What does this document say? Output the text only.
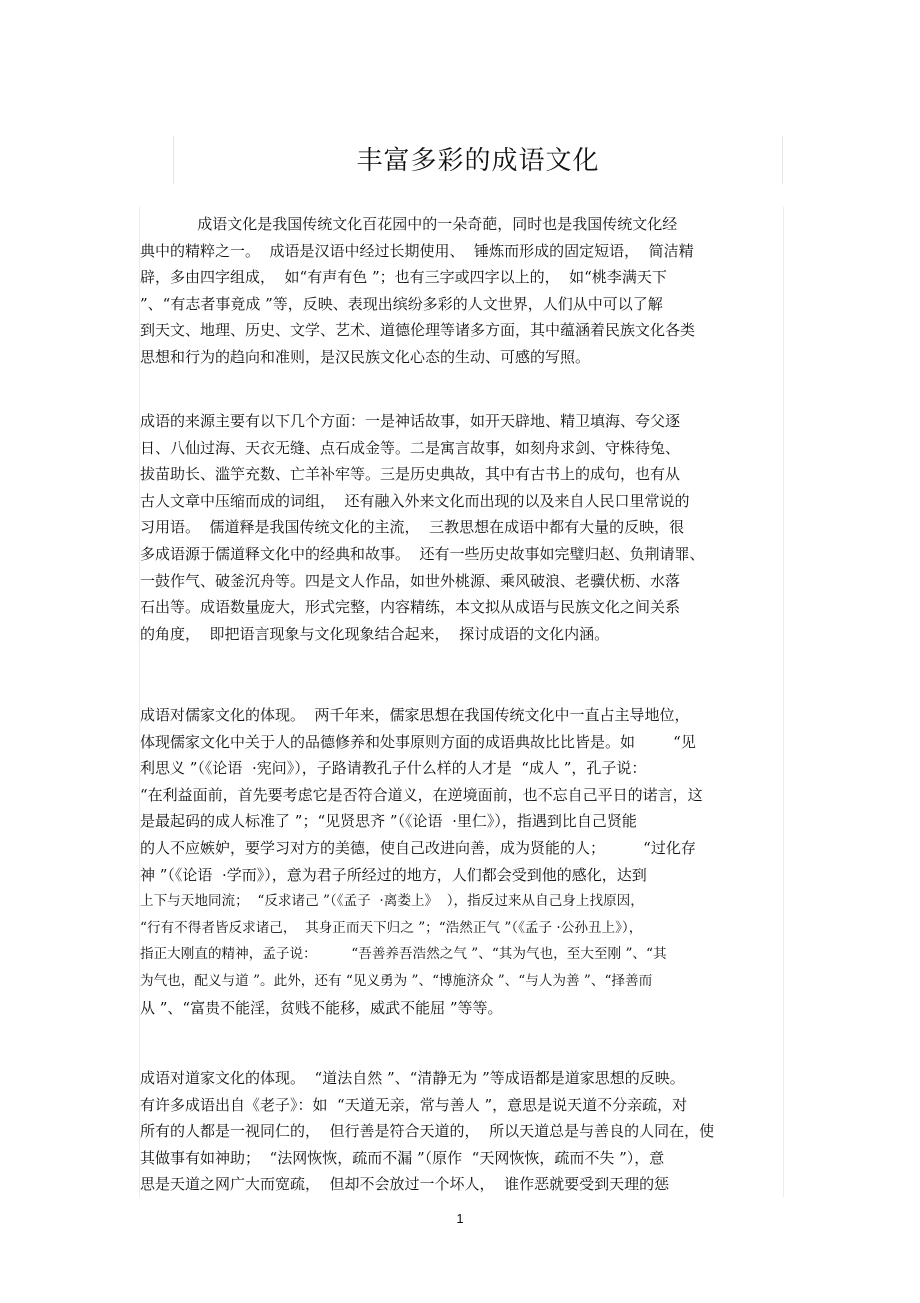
丰富多彩的成语文化
成语文化是我国传统文化百花园中的一朵奇葩，同时也是我国传统文化经
典中的精粹之一。  成语是汉语中经过长期使用、  锤炼而形成的固定短语，  简洁精
辟，多由四字组成，  如“有声有色 ”；也有三字或四字以上的，  如“桃李满天下
”、“有志者事竟成 ”等，反映、表现出缤纷多彩的人文世界，人们从中可以了解
到天文、地理、历史、文学、艺术、道德伦理等诸多方面，其中蕴涵着民族文化各类
思想和行为的趋向和准则，是汉民族文化心态的生动、可感的写照。
成语的来源主要有以下几个方面：一是神话故事，如开天辟地、精卫填海、夸父逐
日、八仙过海、天衣无缝、点石成金等。二是寓言故事，如刻舟求剑、守株待兔、
拔苗助长、滥竽充数、亡羊补牢等。三是历史典故，其中有古书上的成句，也有从
古人文章中压缩而成的词组，  还有融入外来文化而出现的以及来自人民口里常说的
习用语。  儒道释是我国传统文化的主流，  三教思想在成语中都有大量的反映，很
多成语源于儒道释文化中的经典和故事。  还有一些历史故事如完璧归赵、负荆请罪、
一鼓作气、破釜沉舟等。四是文人作品，如世外桃源、乘风破浪、老骥伏枥、水落
石出等。成语数量庞大，形式完整，内容精练，本文拟从成语与民族文化之间关系
的角度，  即把语言现象与文化现象结合起来，  探讨成语的文化内涵。
成语对儒家文化的体现。  两千年来，儒家思想在我国传统文化中一直占主导地位，
体现儒家文化中关于人的品德修养和处事原则方面的成语典故比比皆是。如        “见
利思义 ”（《论语  ·宪问》），子路请教孔子什么样的人才是  “成人 ”，孔子说：
“在利益面前，首先要考虑它是否符合道义，在逆境面前，也不忘自己平日的诺言，这
是最起码的成人标准了 ”；“见贤思齐 ”（《论语  ·里仁》），指遇到比自己贤能
的人不应嫉妒，要学习对方的美德，使自己改进向善，成为贤能的人；        “过化存
神 ”（《论语  ·学而》），意为君子所经过的地方，人们都会受到他的感化，达到
上下与天地同流；  “反求诸己 ”（《孟子  ·离娄上》  ），指反过来从自己身上找原因，
“行有不得者皆反求诸己，  其身正而天下归之 ”；“浩然正气 ”（《孟子 ·公孙丑上》），
指正大刚直的精神，孟子说：        “吾善养吾浩然之气 ”、“其为气也，至大至刚 ”、“其
为气也，配义与道 ”。此外，还有 “见义勇为 ”、“博施济众 ”、“与人为善 ”、“择善而
从 ”、“富贵不能淫，贫贱不能移，威武不能屈 ”等等。
成语对道家文化的体现。  “道法自然 ”、“清静无为 ”等成语都是道家思想的反映。
有许多成语出自《老子》：如  “天道无亲，常与善人 ”，意思是说天道不分亲疏，对
所有的人都是一视同仁的，  但行善是符合天道的，  所以天道总是与善良的人同在，使
其做事有如神助；  “法网恢恢，疏而不漏 ”（原作  “天网恢恢，疏而不失 ”），意
思是天道之网广大而宽疏，  但却不会放过一个坏人，  谁作恶就要受到天理的惩
1
